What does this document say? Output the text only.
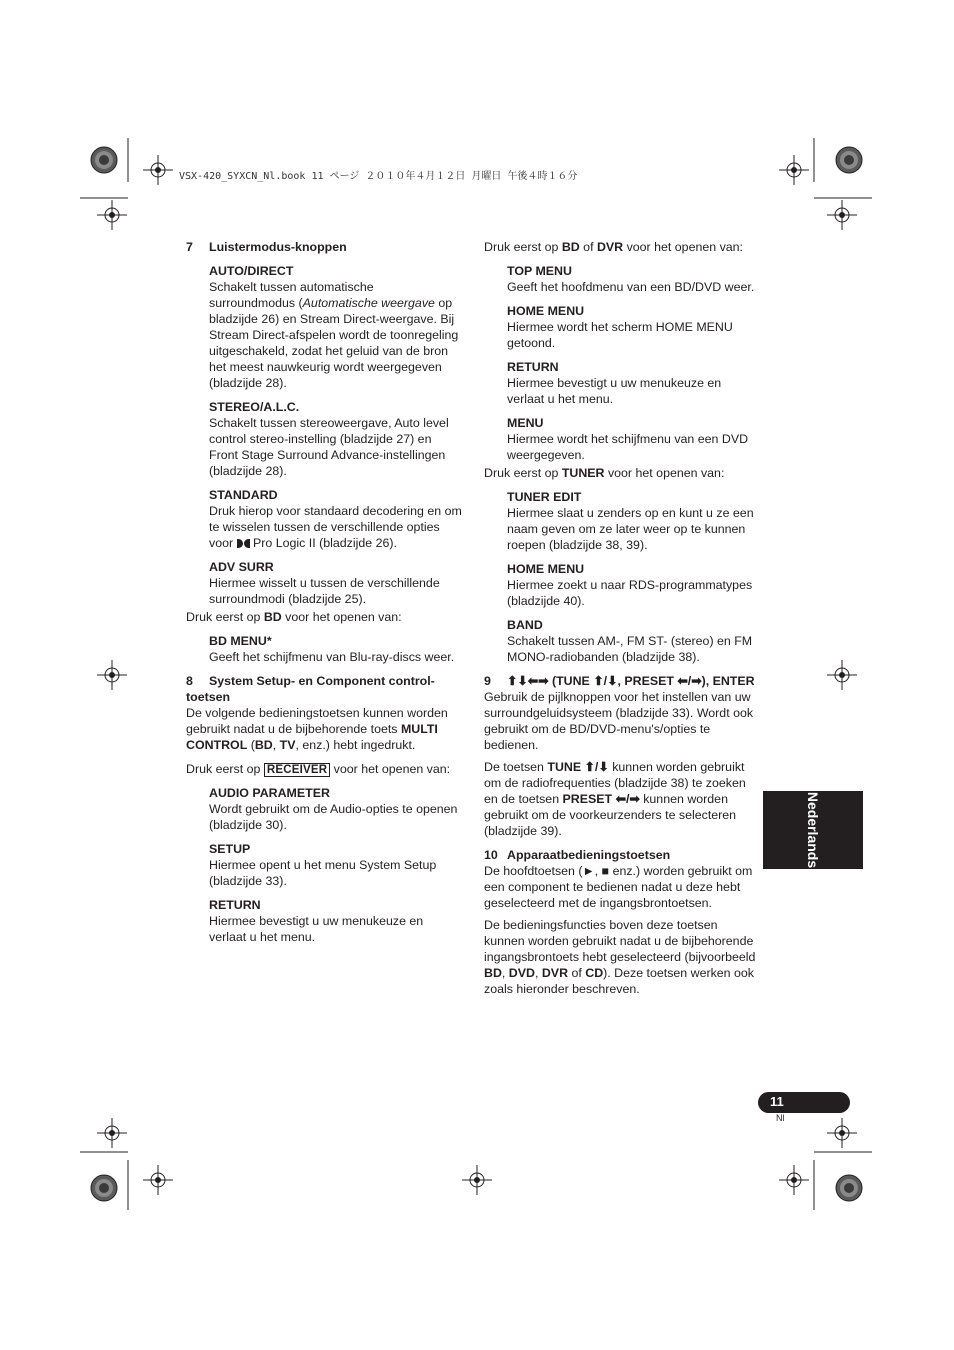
VSX-420_SYXCN_Nl.book 11 ページ ２０１０年４月１２日 月曜日 午後４時１６分
7 Luistermodus-knoppen
AUTO/DIRECT
Schakelt tussen automatische surroundmodus (Automatische weergave op bladzijde 26) en Stream Direct-weergave. Bij Stream Direct-afspelen wordt de toonregeling uitgeschakeld, zodat het geluid van de bron het meest nauwkeurig wordt weergegeven (bladzijde 28).
STEREO/A.L.C.
Schakelt tussen stereoweergave, Auto level control stereo-instelling (bladzijde 27) en Front Stage Surround Advance-instellingen (bladzijde 28).
STANDARD
Druk hierop voor standaard decodering en om te wisselen tussen de verschillende opties voor
Pro Logic II (bladzijde 26).
ADV SURR
Hiermee wisselt u tussen de verschillende surroundmodi (bladzijde 25).
Druk eerst op BD voor het openen van:
BD MENU*
Geeft het schijfmenu van Blu-ray-discs weer.
8 System Setup- en Component control-toetsen
De volgende bedieningstoetsen kunnen worden gebruikt nadat u de bijbehorende toets MULTI CONTROL (BD, TV, enz.) hebt ingedrukt.
Druk eerst op RECEIVER voor het openen van:
AUDIO PARAMETER
Wordt gebruikt om de Audio-opties te openen (bladzijde 30).
SETUP
Hiermee opent u het menu System Setup (bladzijde 33).
RETURN
Hiermee bevestigt u uw menukeuze en verlaat u het menu.
Druk eerst op BD of DVR voor het openen van:
TOP MENU
Geeft het hoofdmenu van een BD/DVD weer.
HOME MENU
Hiermee wordt het scherm HOME MENU getoond.
RETURN
Hiermee bevestigt u uw menukeuze en verlaat u het menu.
MENU
Hiermee wordt het schijfmenu van een DVD weergegeven.
Druk eerst op TUNER voor het openen van:
TUNER EDIT
Hiermee slaat u zenders op en kunt u ze een naam geven om ze later weer op te kunnen roepen (bladzijde 38, 39).
HOME MENU
Hiermee zoekt u naar RDS-programmatypes (bladzijde 40).
BAND
Schakelt tussen AM-, FM ST- (stereo) en FM MONO-radiobanden (bladzijde 38).
9 ⬆⬇⬅➡ (TUNE ⬆/⬇, PRESET ⬅/➡), ENTER
Gebruik de pijlknoppen voor het instellen van uw surroundgeluidsysteem (bladzijde 33). Wordt ook gebruikt om de BD/DVD-menu's/opties te bedienen.
De toetsen TUNE ⬆/⬇ kunnen worden gebruikt om de radiofrequenties (bladzijde 38) te zoeken en de toetsen PRESET ⬅/➡ kunnen worden gebruikt om de voorkeurzenders te selecteren (bladzijde 39).
10 Apparaatbedieningstoetsen
De hoofdtoetsen (►, ■ enz.) worden gebruikt om een component te bedienen nadat u deze hebt geselecteerd met de ingangsbrontoetsen.
De bedieningsfuncties boven deze toetsen kunnen worden gebruikt nadat u de bijbehorende ingangsbrontoets hebt geselecteerd (bijvoorbeeld BD, DVD, DVR of CD). Deze toetsen werken ook zoals hieronder beschreven.
Nederlands
11
Nl
